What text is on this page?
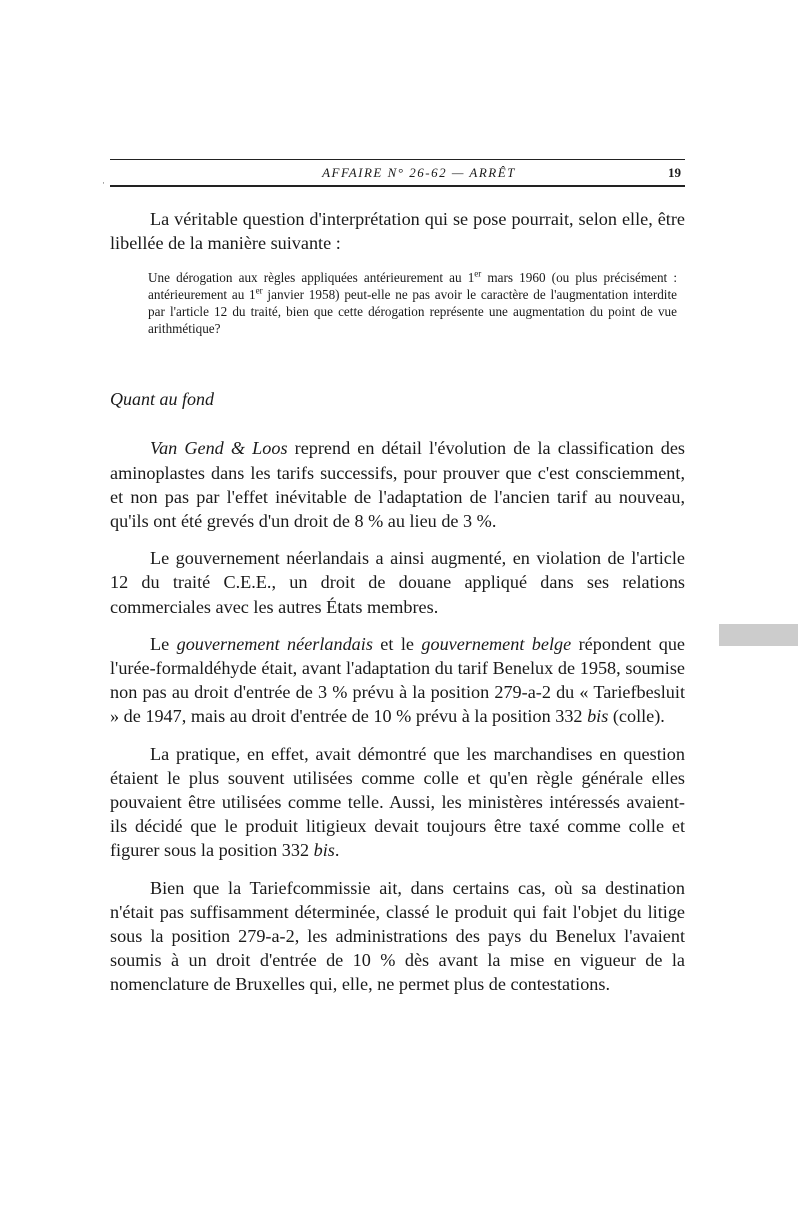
·
AFFAIRE N° 26-62 — ARRÊT	19

La véritable question d'interprétation qui se pose pourrait, selon elle, être libellée de la manière suivante :

Une dérogation aux règles appliquées antérieurement au 1er mars 1960 (ou plus précisément : antérieurement au 1er janvier 1958) peut-elle ne pas avoir le caractère de l'augmentation interdite par l'article 12 du traité, bien que cette dérogation représente une augmentation du point de vue arithmétique?

Quant au fond

Van Gend & Loos reprend en détail l'évolution de la classification des aminoplastes dans les tarifs successifs, pour prouver que c'est consciemment, et non pas par l'effet inévitable de l'adaptation de l'ancien tarif au nouveau, qu'ils ont été grevés d'un droit de 8 % au lieu de 3 %.

Le gouvernement néerlandais a ainsi augmenté, en violation de l'article 12 du traité C.E.E., un droit de douane appliqué dans ses relations commerciales avec les autres États membres.

Le gouvernement néerlandais et le gouvernement belge répondent que l'urée-formaldéhyde était, avant l'adaptation du tarif Benelux de 1958, soumise non pas au droit d'entrée de 3 % prévu à la position 279-a-2 du « Tariefbesluit » de 1947, mais au droit d'entrée de 10 % prévu à la position 332 bis (colle).

La pratique, en effet, avait démontré que les marchandises en question étaient le plus souvent utilisées comme colle et qu'en règle générale elles pouvaient être utilisées comme telle. Aussi, les ministères intéressés avaient-ils décidé que le produit litigieux devait toujours être taxé comme colle et figurer sous la position 332 bis.

Bien que la Tariefcommissie ait, dans certains cas, où sa destination n'était pas suffisamment déterminée, classé le produit qui fait l'objet du litige sous la position 279-a-2, les administrations des pays du Benelux l'avaient soumis à un droit d'entrée de 10 % dès avant la mise en vigueur de la nomenclature de Bruxelles qui, elle, ne permet plus de contestations.
